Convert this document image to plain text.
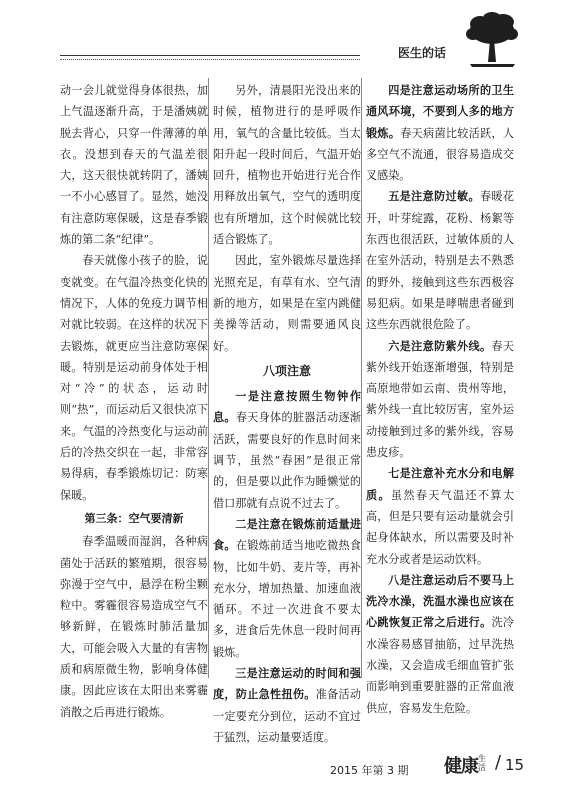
医生的话

动一会儿就觉得身体很热，加上气温逐渐升高，于是潘姨就脱去背心，只穿一件薄薄的单衣。没想到春天的气温差很大，这天很快就转阴了，潘姨一不小心感冒了。显然，她没有注意防寒保暖，这是春季锻炼的第二条“纪律”。

春天就像小孩子的脸，说变就变。在气温冷热变化快的情况下，人体的免疫力调节相对就比较弱。在这样的状况下去锻炼，就更应当注意防寒保暖。特别是运动前身体处于相对“冷”的状态，运动时则“热”，而运动后又很快凉下来。气温的冷热变化与运动前后的冷热交织在一起，非常容易得病，春季锻炼切记：防寒保暖。

第三条：空气要清新

春季温暖而湿润，各种病菌处于活跃的繁殖期，很容易弥漫于空气中，悬浮在粉尘颗粒中。雾霾很容易造成空气不够新鲜，在锻炼时肺活量加大，可能会吸入大量的有害物质和病原微生物，影响身体健康。因此应该在太阳出来雾霾消散之后再进行锻炼。

另外，清晨阳光没出来的时候，植物进行的是呼吸作用，氧气的含量比较低。当太阳升起一段时间后，气温开始回升，植物也开始进行光合作用释放出氧气，空气的透明度也有所增加，这个时候就比较适合锻炼了。

因此，室外锻炼尽量选择光照充足，有草有水、空气清新的地方，如果是在室内跳健美操等活动，则需要通风良好。

八项注意

一是注意按照生物钟作息。春天身体的脏器活动逐渐活跃，需要良好的作息时间来调节，虽然“春困”是很正常的，但是要以此作为睡懒觉的借口那就有点说不过去了。

二是注意在锻炼前适量进食。在锻炼前适当地吃微热食物，比如牛奶、麦片等，再补充水分，增加热量、加速血液循环。不过一次进食不要太多，进食后先休息一段时间再锻炼。

三是注意运动的时间和强度，防止急性扭伤。准备活动一定要充分到位，运动不宜过于猛烈，运动量要适度。

四是注意运动场所的卫生通风环境，不要到人多的地方锻炼。春天病菌比较活跃，人多空气不流通，很容易造成交叉感染。

五是注意防过敏。春暖花开，叶芽绽露，花粉、杨絮等东西也很活跃，过敏体质的人在室外活动，特别是去不熟悉的野外，接触到这些东西极容易犯病。如果是哮喘患者碰到这些东西就很危险了。

六是注意防紫外线。春天紫外线开始逐渐增强，特别是高原地带如云南、贵州等地，紫外线一直比较厉害，室外运动接触到过多的紫外线，容易患皮疹。

七是注意补充水分和电解质。虽然春天气温还不算太高，但是只要有运动量就会引起身体缺水，所以需要及时补充水分或者是运动饮料。

八是注意运动后不要马上洗冷水澡，洗温水澡也应该在心跳恢复正常之后进行。洗冷水澡容易感冒抽筋，过早洗热水澡，又会造成毛细血管扩张而影响到重要脏器的正常血液供应，容易发生危险。

2015 年第 3 期 健康 生活 / 15
